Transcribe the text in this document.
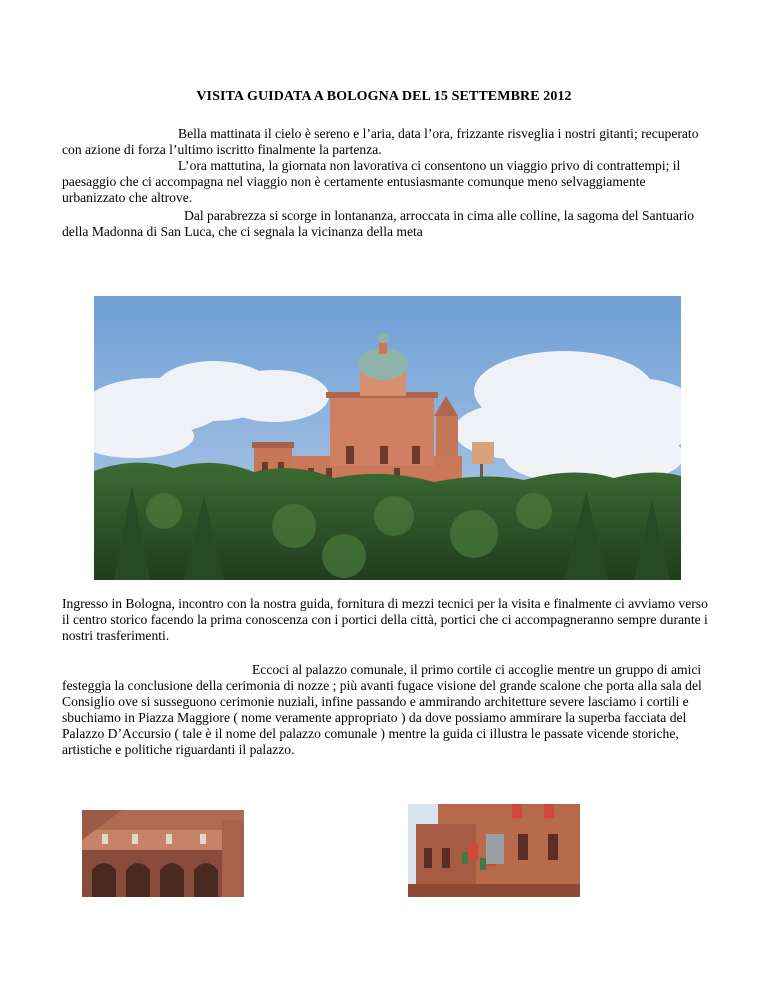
VISITA GUIDATA A BOLOGNA DEL 15 SETTEMBRE 2012

Bella mattinata il cielo è sereno e l’aria, data l’ora, frizzante risveglia i nostri gitanti; recuperato con azione di forza l’ultimo iscritto finalmente la partenza.

L’ora mattutina, la giornata non lavorativa ci consentono un viaggio privo di contrattempi; il paesaggio che ci accompagna nel viaggio non è certamente entusiasmante comunque meno selvaggiamente urbanizzato che altrove.

Dal parabrezza si scorge in lontananza, arroccata in cima alle colline, la sagoma del Santuario della Madonna di San Luca, che ci segnala la vicinanza della meta

Ingresso in Bologna, incontro con la nostra guida, fornitura di mezzi tecnici per la visita e finalmente ci avviamo verso il centro storico facendo la prima conoscenza con i portici della città, portici che ci accompagneranno sempre durante i nostri trasferimenti.

Eccoci al palazzo comunale, il primo cortile ci accoglie mentre un gruppo di amici festeggia la conclusione della cerimonia di nozze ; più avanti fugace visione del grande scalone che porta alla sala del Consiglio ove si susseguono cerimonie nuziali, infine passando e ammirando architetture severe lasciamo i cortili e sbuchiamo in Piazza Maggiore ( nome veramente appropriato ) da dove possiamo ammirare la superba facciata del Palazzo D’Accursio ( tale è il nome del palazzo comunale ) mentre la guida ci illustra le passate vicende storiche, artistiche e politiche riguardanti il palazzo.
